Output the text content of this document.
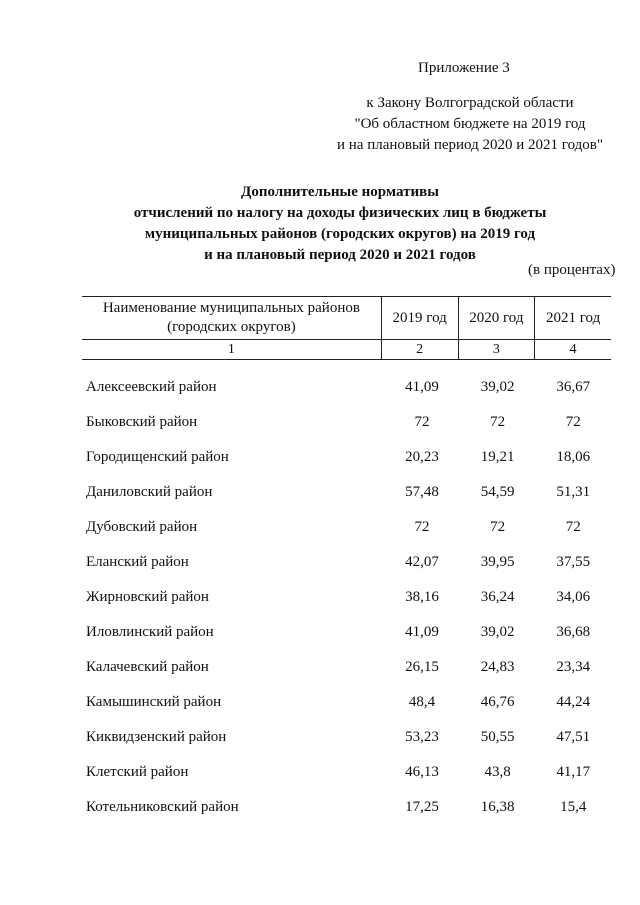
Приложение 3
к Закону Волгоградской области
"Об областном бюджете на 2019 год
и на плановый период 2020 и 2021 годов"
Дополнительные нормативы
отчислений по налогу на доходы физических лиц в бюджеты
муниципальных районов (городских округов) на 2019 год
и на плановый период 2020 и 2021 годов
(в процентах)
Наименование муниципальных районов (городских округов)	2019 год	2020 год	2021 год
1	2	3	4
Алексеевский район	41,09	39,02	36,67
Быковский район	72	72	72
Городищенский район	20,23	19,21	18,06
Даниловский район	57,48	54,59	51,31
Дубовский район	72	72	72
Еланский район	42,07	39,95	37,55
Жирновский район	38,16	36,24	34,06
Иловлинский район	41,09	39,02	36,68
Калачевский район	26,15	24,83	23,34
Камышинский район	48,4	46,76	44,24
Киквидзенский район	53,23	50,55	47,51
Клетский район	46,13	43,8	41,17
Котельниковский район	17,25	16,38	15,4
